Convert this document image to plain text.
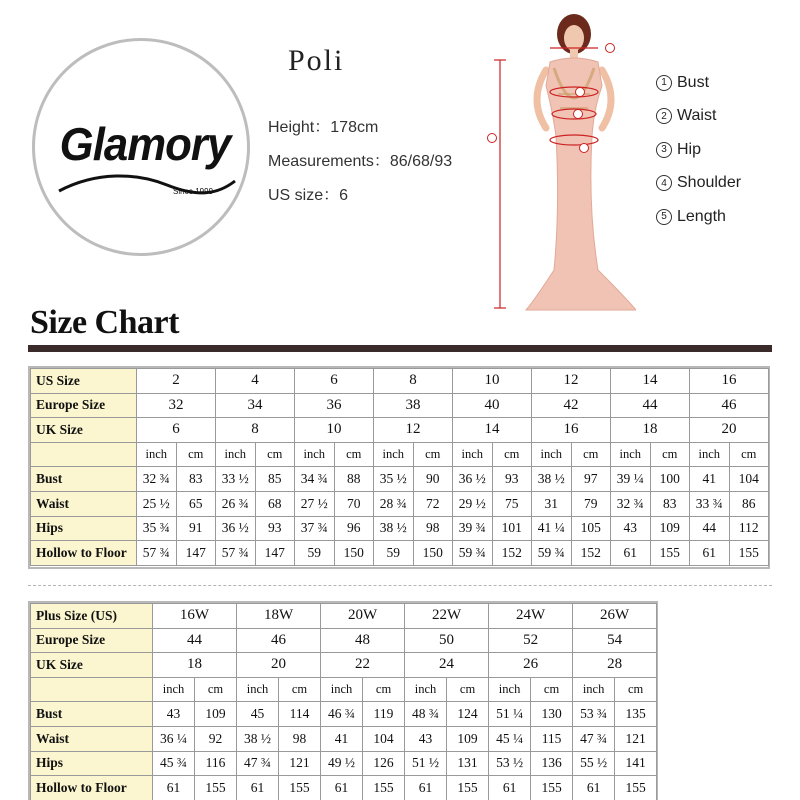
Glamory
Since 1999
Poli
Height：178cm
Measurements：86/68/93
US size：6
1 Bust
2 Waist
3 Hip
4 Shoulder
5 Length
Size Chart
US Size	2		4		6		8		10		12		14		16	
Europe Size	32		34		36		38		40		42		44		46	
UK Size	6		8		10		12		14		16		18		20	
	inch	cm	inch	cm	inch	cm	inch	cm	inch	cm	inch	cm	inch	cm	inch	cm
Bust	32 ¾	83	33 ½	85	34 ¾	88	35 ½	90	36 ½	93	38 ½	97	39 ¼	100	41	104
Waist	25 ½	65	26 ¾	68	27 ½	70	28 ¾	72	29 ½	75	31	79	32 ¾	83	33 ¾	86
Hips	35 ¾	91	36 ½	93	37 ¾	96	38 ½	98	39 ¾	101	41 ¼	105	43	109	44	112
Hollow to Floor	57 ¾	147	57 ¾	147	59	150	59	150	59 ¾	152	59 ¾	152	61	155	61	155
Plus Size (US)	16W		18W		20W		22W		24W		26W	
Europe Size	44		46		48		50		52		54	
UK Size	18		20		22		24		26		28	
	inch	cm	inch	cm	inch	cm	inch	cm	inch	cm	inch	cm
Bust	43	109	45	114	46 ¾	119	48 ¾	124	51 ¼	130	53 ¾	135
Waist	36 ¼	92	38 ½	98	41	104	43	109	45 ¼	115	47 ¾	121
Hips	45 ¾	116	47 ¾	121	49 ½	126	51 ½	131	53 ½	136	55 ½	141
Hollow to Floor	61	155	61	155	61	155	61	155	61	155	61	155
